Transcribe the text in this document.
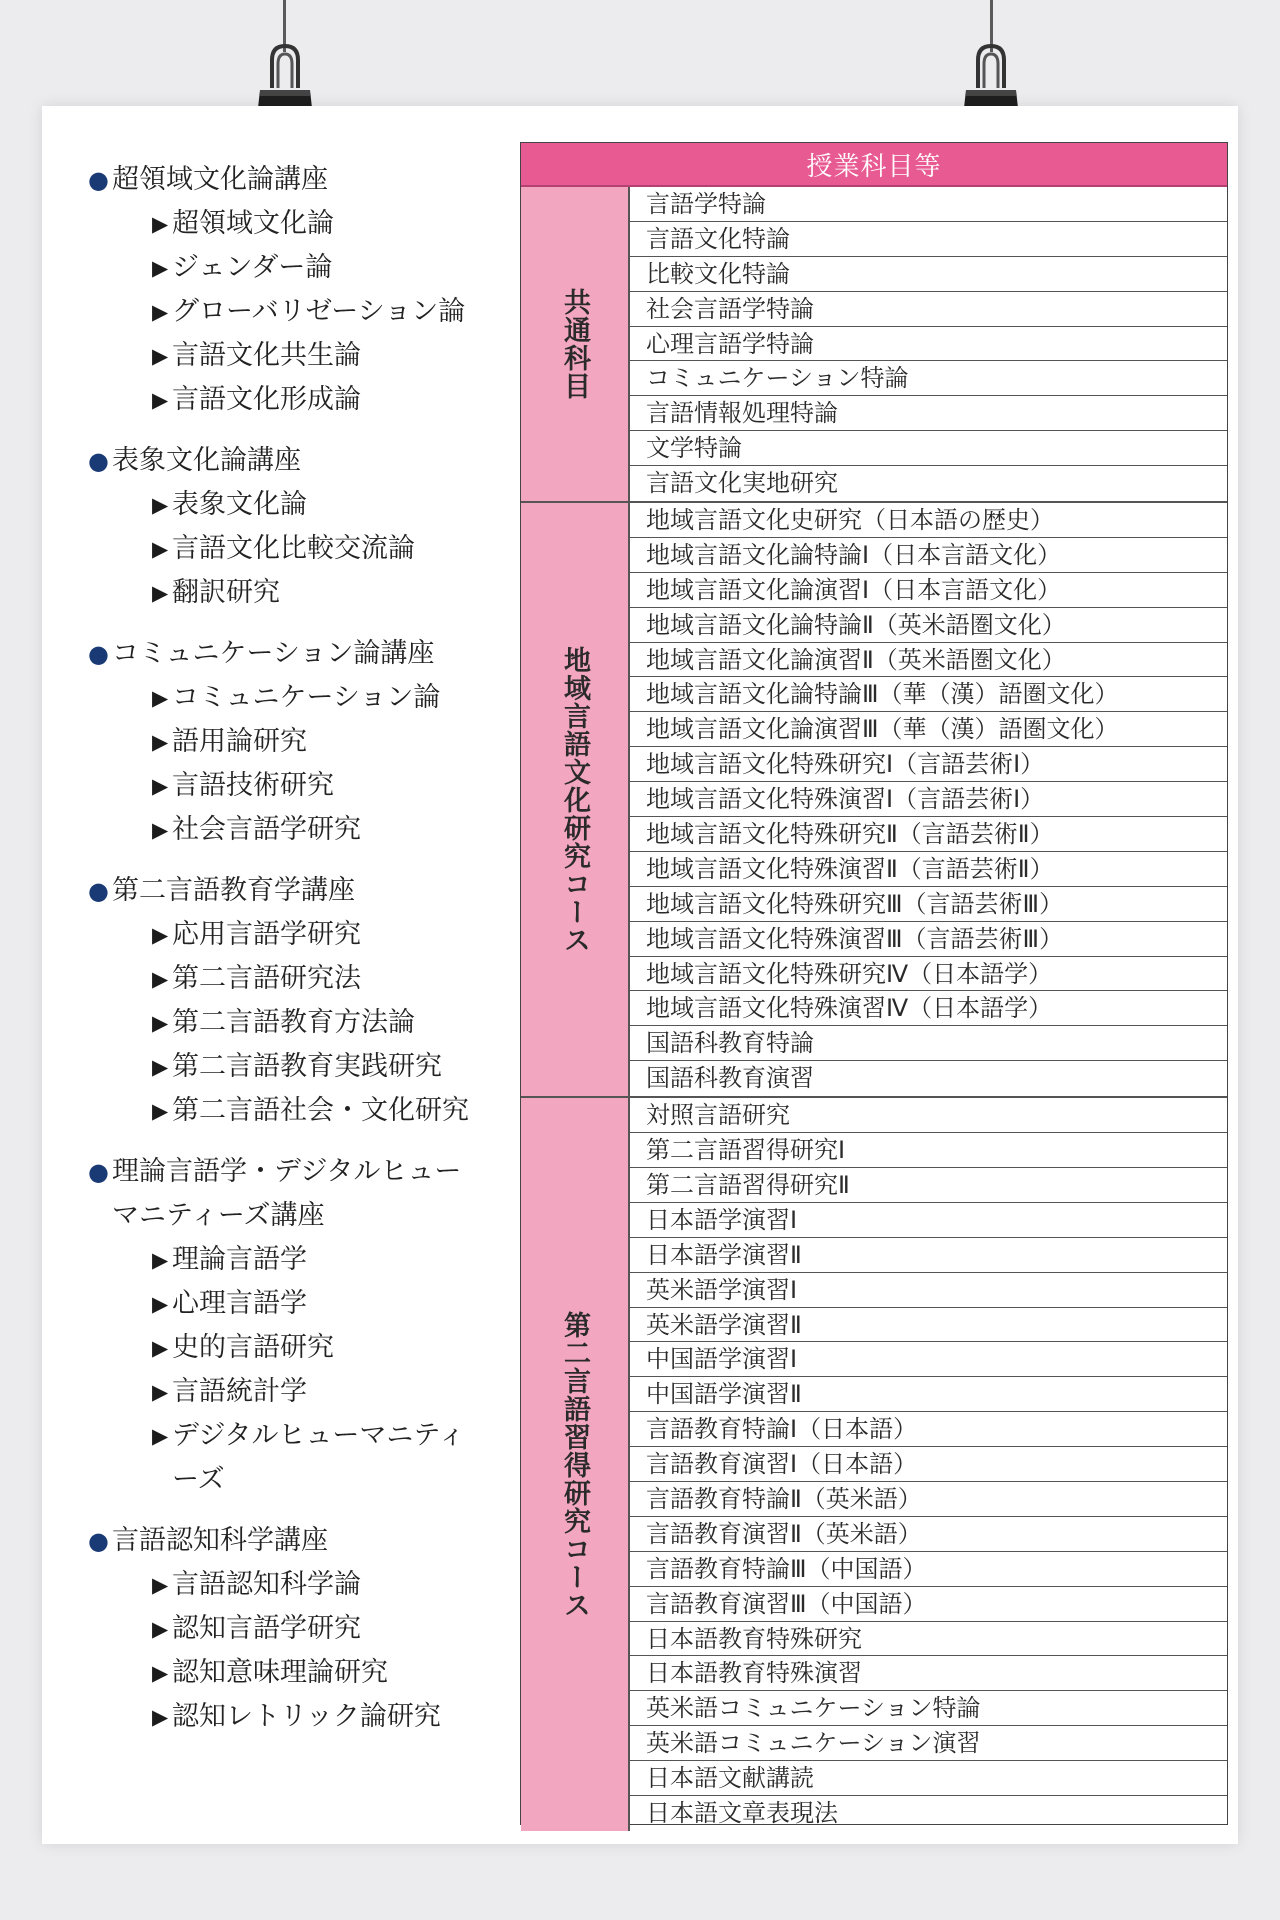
● 超領域文化論講座
▶ 超領域文化論
▶ ジェンダー論
▶ グローバリゼーション論
▶ 言語文化共生論
▶ 言語文化形成論
● 表象文化論講座
▶ 表象文化論
▶ 言語文化比較交流論
▶ 翻訳研究
● コミュニケーション論講座
▶ コミュニケーション論
▶ 語用論研究
▶ 言語技術研究
▶ 社会言語学研究
● 第二言語教育学講座
▶ 応用言語学研究
▶ 第二言語研究法
▶ 第二言語教育方法論
▶ 第二言語教育実践研究
▶ 第二言語社会・文化研究
● 理論言語学・デジタルヒューマニティーズ講座
▶ 理論言語学
▶ 心理言語学
▶ 史的言語研究
▶ 言語統計学
▶ デジタルヒューマニティーズ
● 言語認知科学講座
▶ 言語認知科学論
▶ 認知言語学研究
▶ 認知意味理論研究
▶ 認知レトリック論研究
授業科目等
共通科目
言語学特論
言語文化特論
比較文化特論
社会言語学特論
心理言語学特論
コミュニケーション特論
言語情報処理特論
文学特論
言語文化実地研究
地域言語文化研究コース
地域言語文化史研究（日本語の歴史）
地域言語文化論特論Ⅰ（日本言語文化）
地域言語文化論演習Ⅰ（日本言語文化）
地域言語文化論特論Ⅱ（英米語圏文化）
地域言語文化論演習Ⅱ（英米語圏文化）
地域言語文化論特論Ⅲ（華（漢）語圏文化）
地域言語文化論演習Ⅲ（華（漢）語圏文化）
地域言語文化特殊研究Ⅰ（言語芸術Ⅰ）
地域言語文化特殊演習Ⅰ（言語芸術Ⅰ）
地域言語文化特殊研究Ⅱ（言語芸術Ⅱ）
地域言語文化特殊演習Ⅱ（言語芸術Ⅱ）
地域言語文化特殊研究Ⅲ（言語芸術Ⅲ）
地域言語文化特殊演習Ⅲ（言語芸術Ⅲ）
地域言語文化特殊研究Ⅳ（日本語学）
地域言語文化特殊演習Ⅳ（日本語学）
国語科教育特論
国語科教育演習
第二言語習得研究コース
対照言語研究
第二言語習得研究Ⅰ
第二言語習得研究Ⅱ
日本語学演習Ⅰ
日本語学演習Ⅱ
英米語学演習Ⅰ
英米語学演習Ⅱ
中国語学演習Ⅰ
中国語学演習Ⅱ
言語教育特論Ⅰ（日本語）
言語教育演習Ⅰ（日本語）
言語教育特論Ⅱ（英米語）
言語教育演習Ⅱ（英米語）
言語教育特論Ⅲ（中国語）
言語教育演習Ⅲ（中国語）
日本語教育特殊研究
日本語教育特殊演習
英米語コミュニケーション特論
英米語コミュニケーション演習
日本語文献講読
日本語文章表現法
